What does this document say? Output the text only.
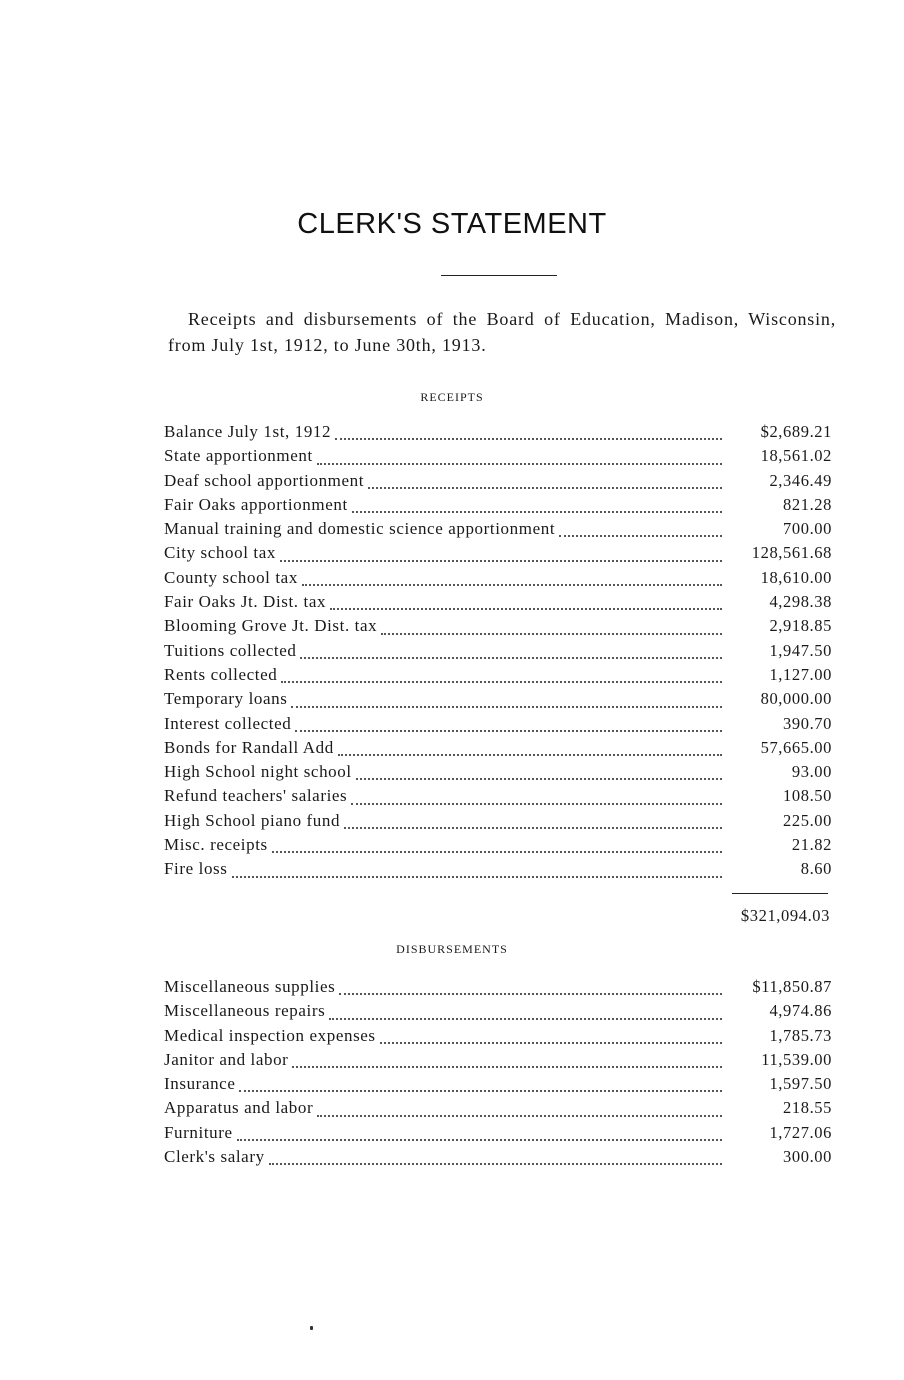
CLERK'S STATEMENT
Receipts and disbursements of the Board of Education, Madison, Wisconsin, from July 1st, 1912, to June 30th, 1913.
RECEIPTS
Balance July 1st, 1912	$2,689.21
State apportionment	18,561.02
Deaf school apportionment	2,346.49
Fair Oaks apportionment	821.28
Manual training and domestic science apportionment	700.00
City school tax	128,561.68
County school tax	18,610.00
Fair Oaks Jt. Dist. tax	4,298.38
Blooming Grove Jt. Dist. tax	2,918.85
Tuitions collected	1,947.50
Rents collected	1,127.00
Temporary loans	80,000.00
Interest collected	390.70
Bonds for Randall Add	57,665.00
High School night school	93.00
Refund teachers' salaries	108.50
High School piano fund	225.00
Misc. receipts	21.82
Fire loss	8.60
$321,094.03
DISBURSEMENTS
Miscellaneous supplies	$11,850.87
Miscellaneous repairs	4,974.86
Medical inspection expenses	1,785.73
Janitor and labor	11,539.00
Insurance	1,597.50
Apparatus and labor	218.55
Furniture	1,727.06
Clerk's salary	300.00
